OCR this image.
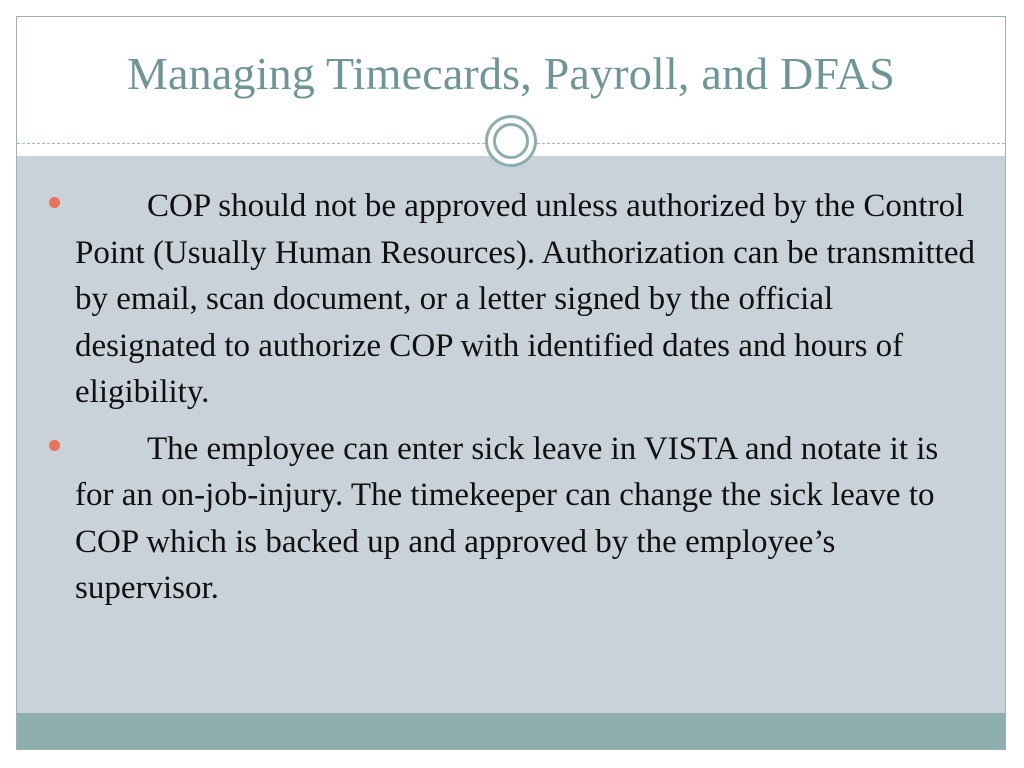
Managing Timecards, Payroll, and DFAS
COP should not be approved unless authorized by the Control Point (Usually Human Resources). Authorization can be transmitted by email, scan document, or a letter signed by the official designated to authorize COP with identified dates and hours of eligibility.
The employee can enter sick leave in VISTA and notate it is for an on-job-injury. The timekeeper can change the sick leave to COP which is backed up and approved by the employee’s supervisor.
